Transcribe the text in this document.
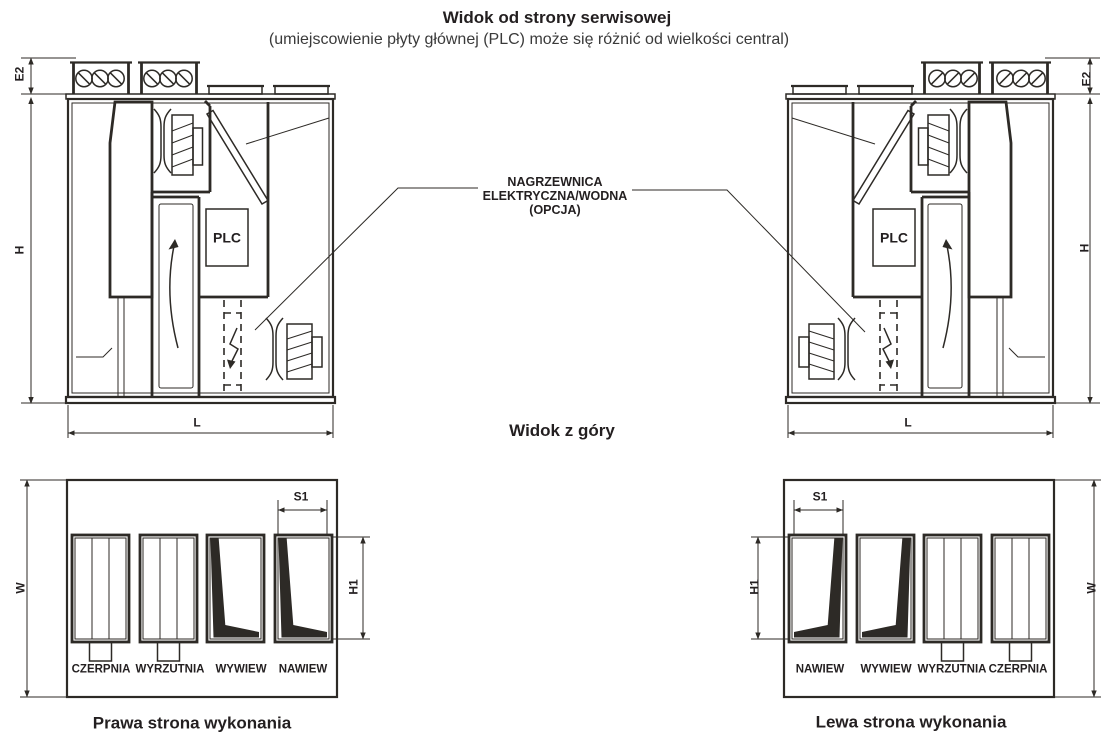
Widok od strony serwisowej
(umiejscowienie płyty głównej (PLC) może się różnić od wielkości central)
NAGRZEWNICA
ELEKTRYCZNA/WODNA
(OPCJA)
Widok z góry
E2
H
L
PLC
E2
H
L
PLC
W
S1
H1
CZERPNIA WYRZUTNIA WYWIEW NAWIEW
Prawa strona wykonania
W
S1
H1
NAWIEW WYWIEW WYRZUTNIA CZERPNIA
Lewa strona wykonania
